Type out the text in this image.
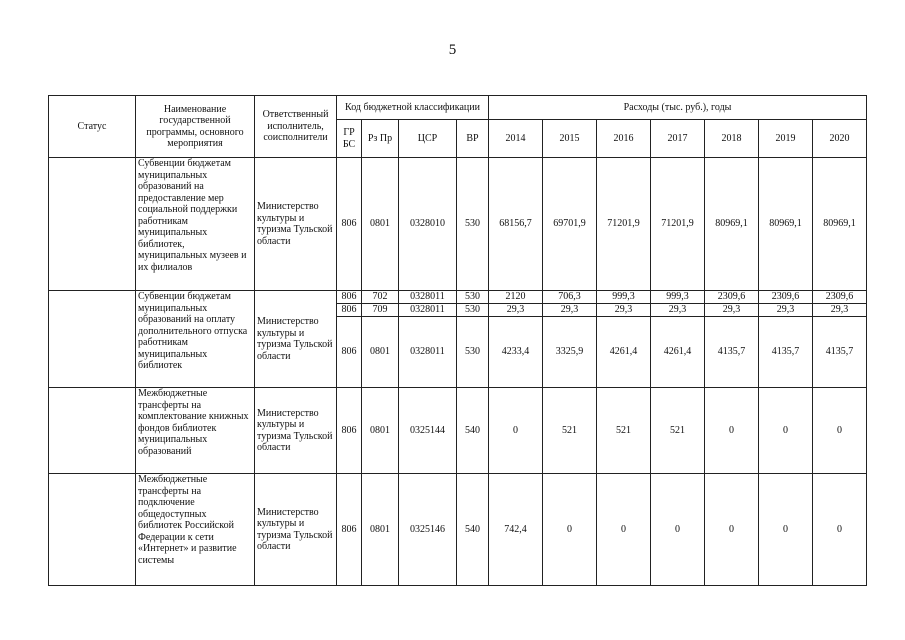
5
Статус	Наименование государственной программы, основного мероприятия	Ответственный исполнитель, соисполнители	Код бюджетной классификации				Расходы (тыс. руб.), годы						
			ГР БС	Рз Пр	ЦСР	ВР	2014	2015	2016	2017	2018	2019	2020
	Субвенции бюджетам муниципальных образований на предоставление мер социальной поддержки работникам муниципальных библиотек, муниципальных музеев и их филиалов	Министерство культуры и туризма Тульской области	806	0801	0328010	530	68156,7	69701,9	71201,9	71201,9	80969,1	80969,1	80969,1
	Субвенции бюджетам муниципальных образований на оплату дополнительного отпуска работникам муниципальных библиотек	Министерство культуры и туризма Тульской области	806	702	0328011	530	2120	706,3	999,3	999,3	2309,6	2309,6	2309,6
			806	709	0328011	530	29,3	29,3	29,3	29,3	29,3	29,3	29,3
			806	0801	0328011	530	4233,4	3325,9	4261,4	4261,4	4135,7	4135,7	4135,7
	Межбюджетные трансферты на комплектование книжных фондов библиотек муниципальных образований	Министерство культуры и туризма Тульской области	806	0801	0325144	540	0	521	521	521	0	0	0
	Межбюджетные трансферты на подключение общедоступных библиотек Российской Федерации к сети «Интернет» и развитие системы	Министерство культуры и туризма Тульской области	806	0801	0325146	540	742,4	0	0	0	0	0	0
